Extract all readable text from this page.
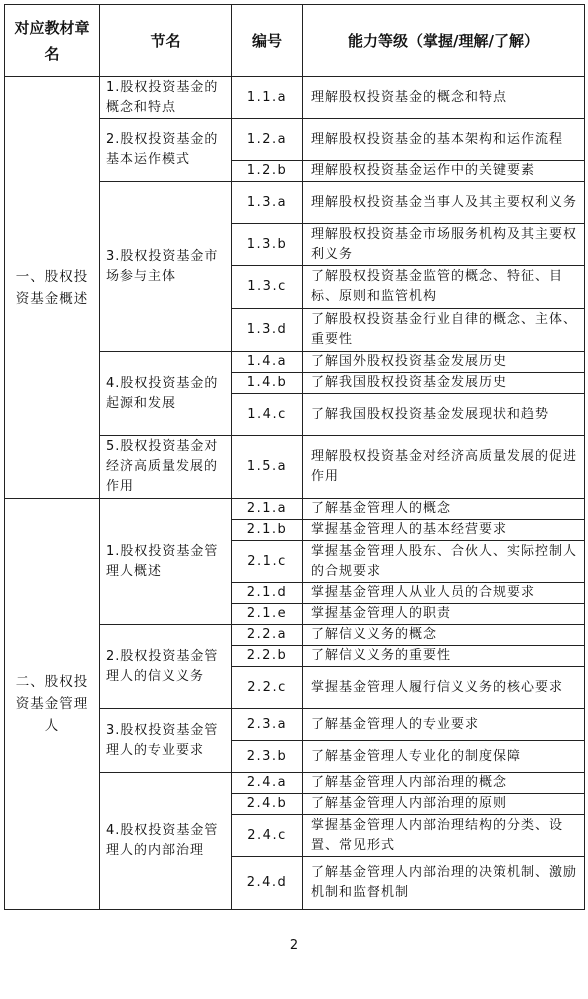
对应教材章名	节名	编号	能力等级（掌握/理解/了解）
一、股权投资基金概述	1.股权投资基金的概念和特点	1.1.a	理解股权投资基金的概念和特点
	2.股权投资基金的基本运作模式	1.2.a	理解股权投资基金的基本架构和运作流程
		1.2.b	理解股权投资基金运作中的关键要素
	3.股权投资基金市场参与主体	1.3.a	理解股权投资基金当事人及其主要权利义务
		1.3.b	理解股权投资基金市场服务机构及其主要权利义务
		1.3.c	了解股权投资基金监管的概念、特征、目标、原则和监管机构
		1.3.d	了解股权投资基金行业自律的概念、主体、重要性
	4.股权投资基金的起源和发展	1.4.a	了解国外股权投资基金发展历史
		1.4.b	了解我国股权投资基金发展历史
		1.4.c	了解我国股权投资基金发展现状和趋势
	5.股权投资基金对经济高质量发展的作用	1.5.a	理解股权投资基金对经济高质量发展的促进作用
二、股权投资基金管理人	1.股权投资基金管理人概述	2.1.a	了解基金管理人的概念
		2.1.b	掌握基金管理人的基本经营要求
		2.1.c	掌握基金管理人股东、合伙人、实际控制人的合规要求
		2.1.d	掌握基金管理人从业人员的合规要求
		2.1.e	掌握基金管理人的职责
	2.股权投资基金管理人的信义义务	2.2.a	了解信义义务的概念
		2.2.b	了解信义义务的重要性
		2.2.c	掌握基金管理人履行信义义务的核心要求
	3.股权投资基金管理人的专业要求	2.3.a	了解基金管理人的专业要求
		2.3.b	了解基金管理人专业化的制度保障
	4.股权投资基金管理人的内部治理	2.4.a	了解基金管理人内部治理的概念
		2.4.b	了解基金管理人内部治理的原则
		2.4.c	掌握基金管理人内部治理结构的分类、设置、常见形式
		2.4.d	了解基金管理人内部治理的决策机制、激励机制和监督机制
2
